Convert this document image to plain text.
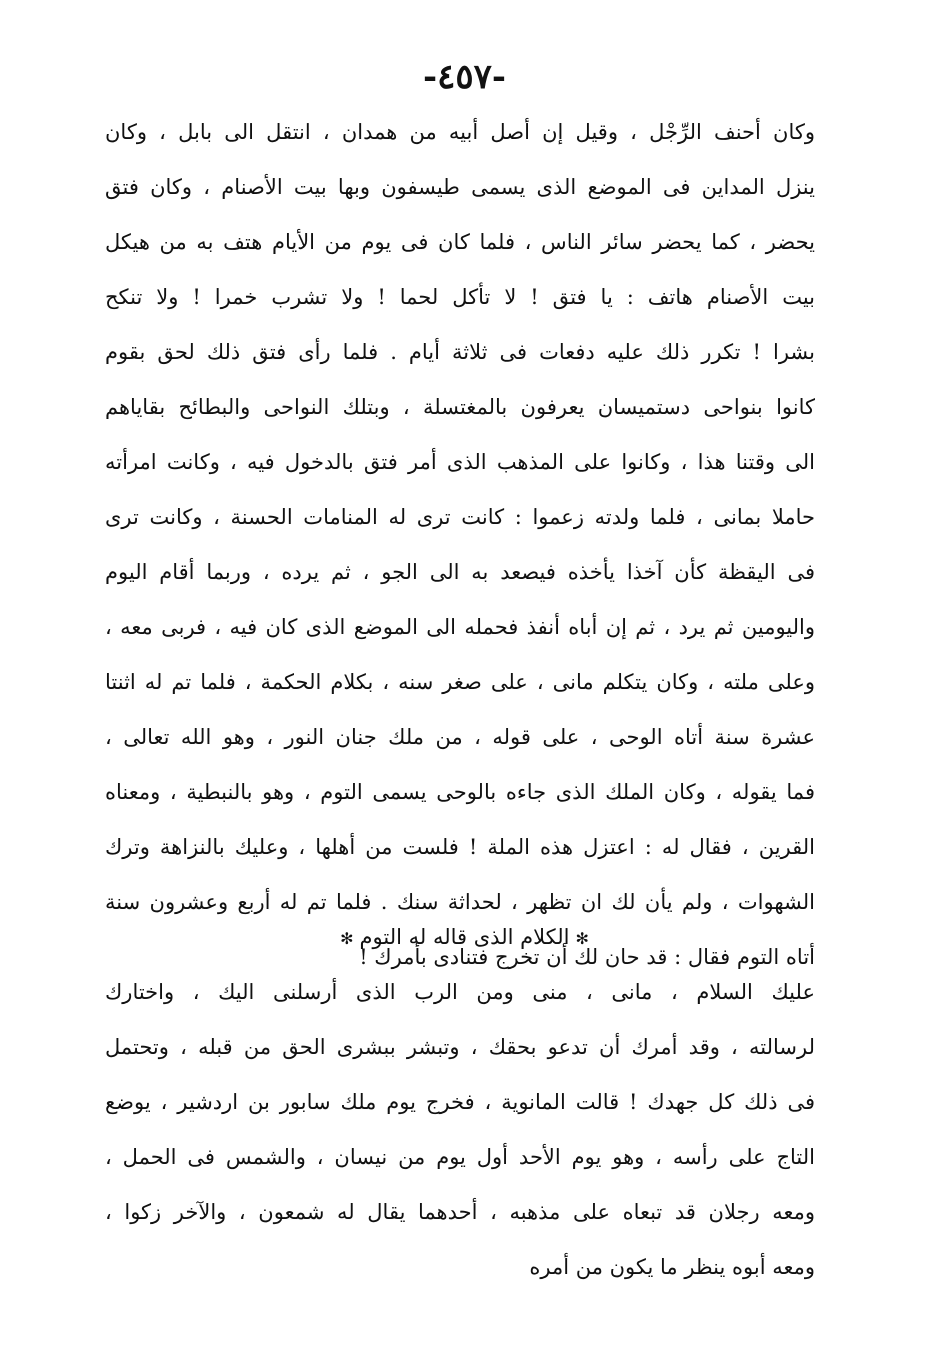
-٤٥٧-
وكان أحنف الرِّجْل ، وقيل إن أصل أبيه من همدان ، انتقل الى بابل ، وكان
ينزل المداين فى الموضع الذى يسمى طيسفون وبها بيت الأصنام ، وكان فتق
يحضر ، كما يحضر سائر الناس ، فلما كان فى يوم من الأيام هتف به من هيكل
بيت الأصنام هاتف : يا فتق ! لا تأكل لحما ! ولا تشرب خمرا ! ولا تنكح
بشرا ! تكرر ذلك عليه دفعات فى ثلاثة أيام . فلما رأى فتق ذلك لحق بقوم
كانوا بنواحى دستميسان يعرفون بالمغتسلة ، وبتلك النواحى والبطائح بقاياهم
الى وقتنا هذا ، وكانوا على المذهب الذى أمر فتق بالدخول فيه ، وكانت امرأته
حاملا بمانى ، فلما ولدته زعموا : كانت ترى له المنامات الحسنة ، وكانت ترى
فى اليقظة كأن آخذا يأخذه فيصعد به الى الجو ، ثم يرده ، وربما أقام اليوم
واليومين ثم يرد ، ثم إن أباه أنفذ فحمله الى الموضع الذى كان فيه ، فربى معه ،
وعلى ملته ، وكان يتكلم مانى ، على صغر سنه ، بكلام الحكمة ، فلما تم له اثنتا
عشرة سنة أتاه الوحى ، على قوله ، من ملك جنان النور ، وهو الله تعالى ،
فما يقوله ، وكان الملك الذى جاءه بالوحى يسمى التوم ، وهو بالنبطية ، ومعناه
القرين ، فقال له : اعتزل هذه الملة ! فلست من أهلها ، وعليك بالنزاهة وترك
الشهوات ، ولم يأن لك ان تظهر ، لحداثة سنك . فلما تم له أربع وعشرون سنة
أتاه التوم فقال : قد حان لك أن تخرج فتنادى بأمرك !
✻الكلام الذى قاله له التوم✻
عليك السلام ، مانى ، منى ومن الرب الذى أرسلنى اليك ، واختارك
لرسالته ، وقد أمرك أن تدعو بحقك ، وتبشر ببشرى الحق من قبله ، وتحتمل
فى ذلك كل جهدك ! قالت المانوية ، فخرج يوم ملك سابور بن اردشير ، يوضع
التاج على رأسه ، وهو يوم الأحد أول يوم من نيسان ، والشمس فى الحمل ،
ومعه رجلان قد تبعاه على مذهبه ، أحدهما يقال له شمعون ، والآخر زكوا ،
ومعه أبوه ينظر ما يكون من أمره
